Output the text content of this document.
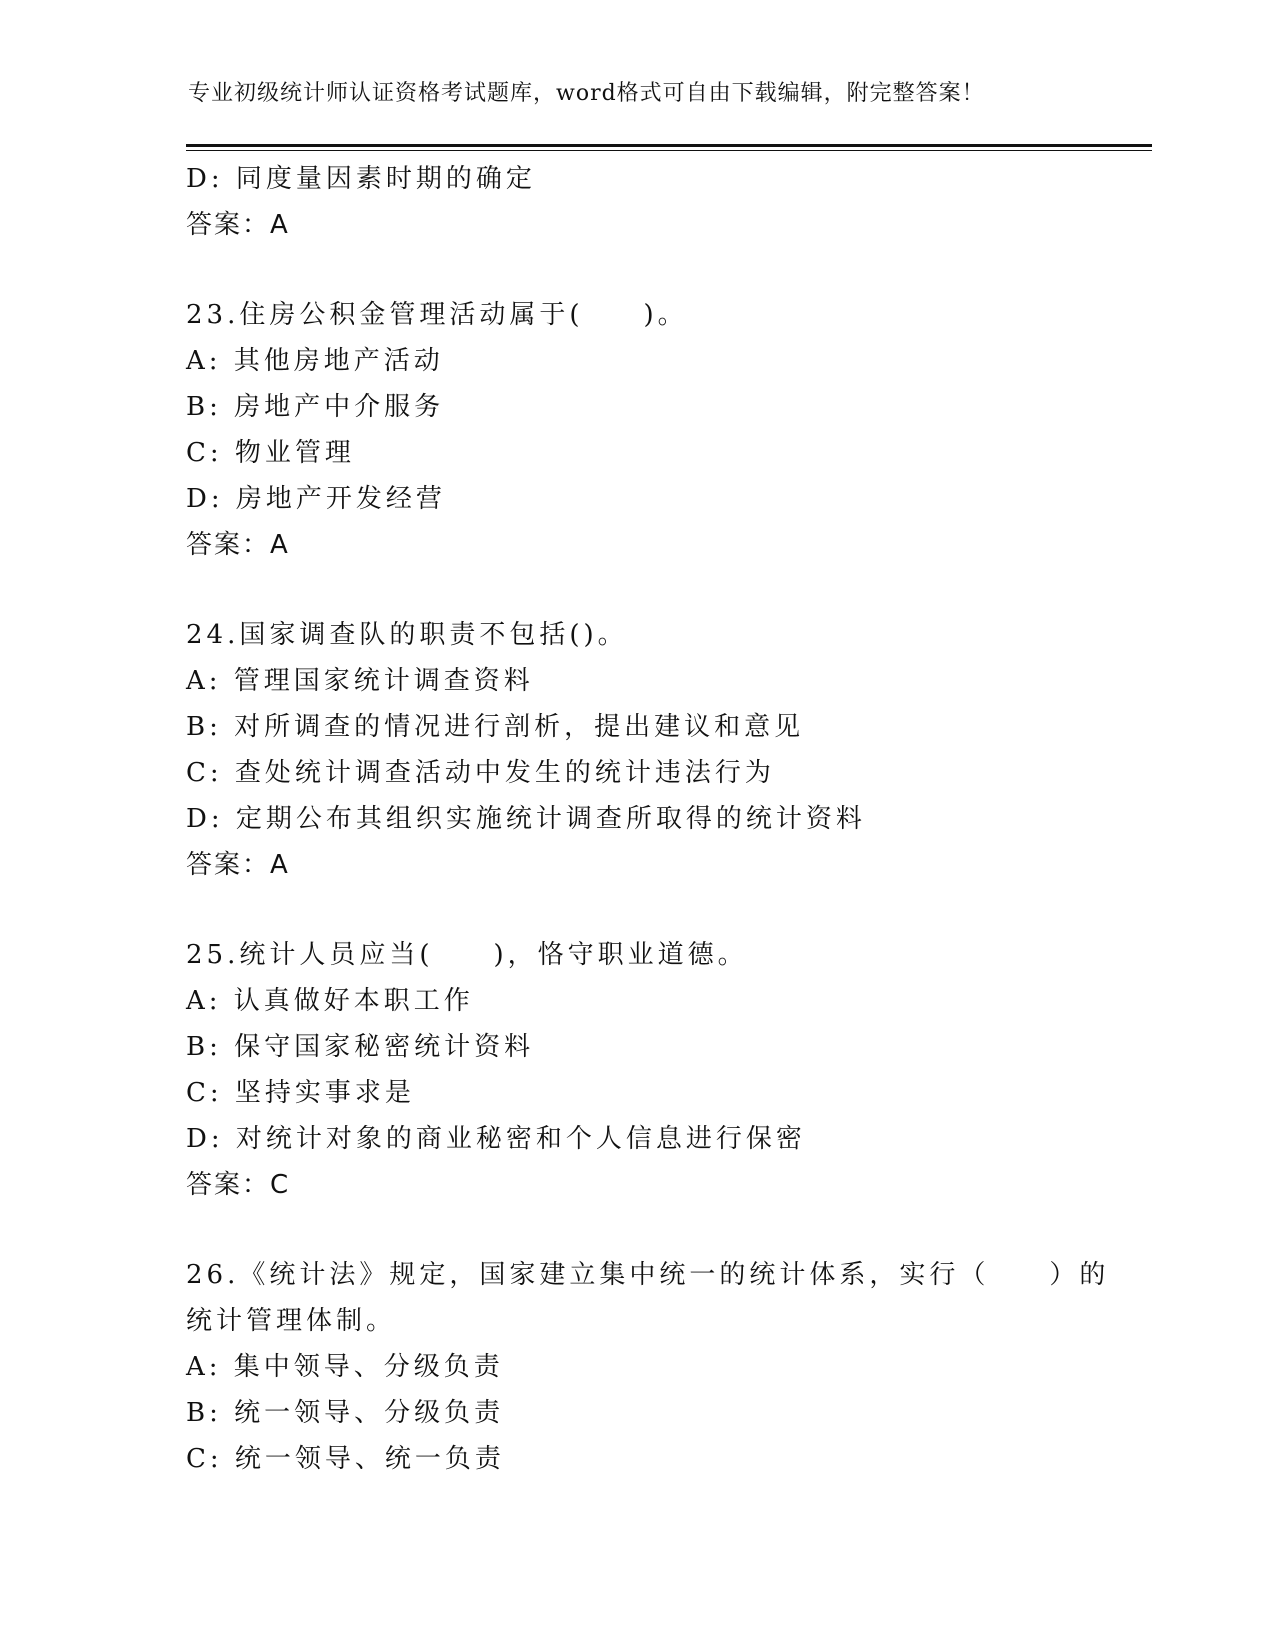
专业初级统计师认证资格考试题库，word格式可自由下载编辑，附完整答案！
D: 同度量因素时期的确定
答案：A
23.住房公积金管理活动属于(　　)。
A: 其他房地产活动
B: 房地产中介服务
C: 物业管理
D: 房地产开发经营
答案：A
24.国家调查队的职责不包括()。
A: 管理国家统计调查资料
B: 对所调查的情况进行剖析，提出建议和意见
C: 查处统计调查活动中发生的统计违法行为
D: 定期公布其组织实施统计调查所取得的统计资料
答案：A
25.统计人员应当(　　)，恪守职业道德。
A: 认真做好本职工作
B: 保守国家秘密统计资料
C: 坚持实事求是
D: 对统计对象的商业秘密和个人信息进行保密
答案：C
26.《统计法》规定，国家建立集中统一的统计体系，实行（　　）的
统计管理体制。
A: 集中领导、分级负责
B: 统一领导、分级负责
C: 统一领导、统一负责
